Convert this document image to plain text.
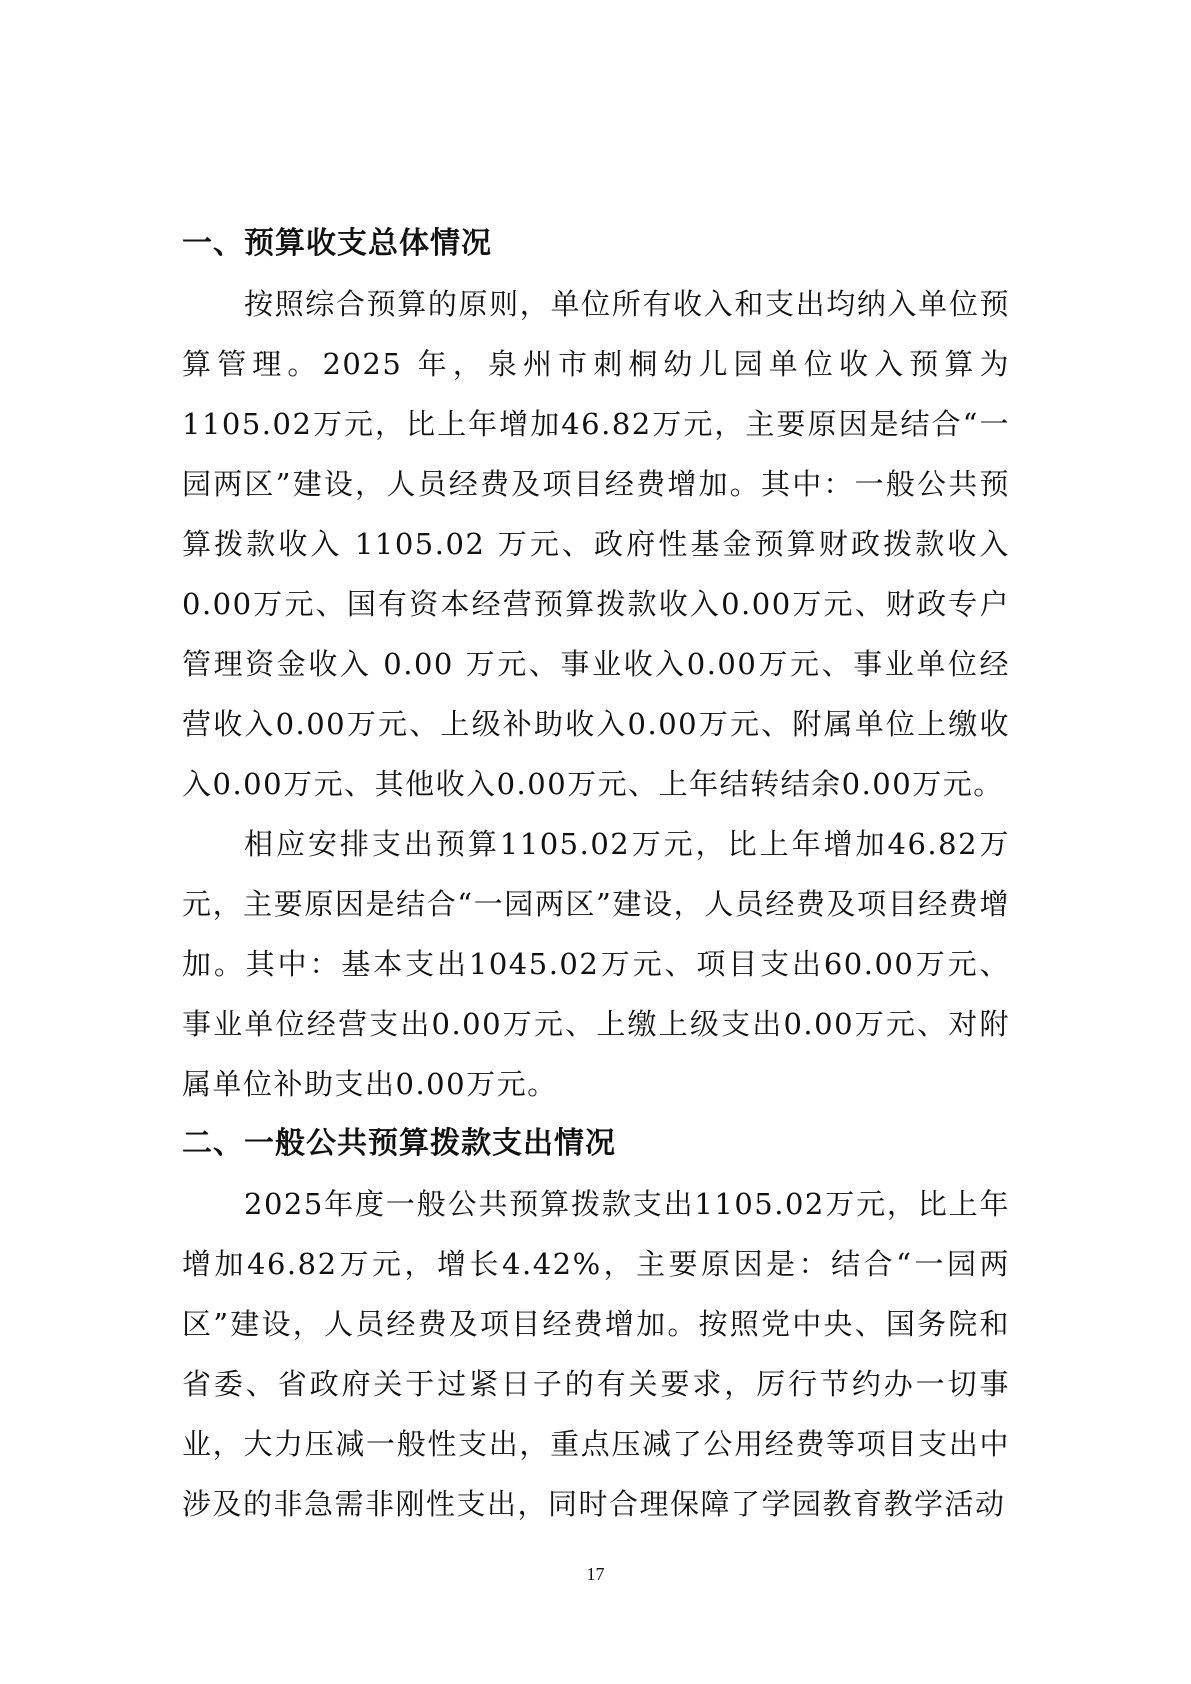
一、预算收支总体情况

按照综合预算的原则，单位所有收入和支出均纳入单位预算管理。2025 年，泉州市刺桐幼儿园单位收入预算为1105.02万元，比上年增加46.82万元，主要原因是结合“一园两区”建设，人员经费及项目经费增加。其中：一般公共预算拨款收入 1105.02 万元、政府性基金预算财政拨款收入0.00万元、国有资本经营预算拨款收入0.00万元、财政专户管理资金收入 0.00 万元、事业收入0.00万元、事业单位经营收入0.00万元、上级补助收入0.00万元、附属单位上缴收入0.00万元、其他收入0.00万元、上年结转结余0.00万元。

相应安排支出预算1105.02万元，比上年增加46.82万元，主要原因是结合“一园两区”建设，人员经费及项目经费增加。其中：基本支出1045.02万元、项目支出60.00万元、事业单位经营支出0.00万元、上缴上级支出0.00万元、对附属单位补助支出0.00万元。

二、一般公共预算拨款支出情况

2025年度一般公共预算拨款支出1105.02万元，比上年增加46.82万元，增长4.42%，主要原因是：结合“一园两区”建设，人员经费及项目经费增加。按照党中央、国务院和省委、省政府关于过紧日子的有关要求，厉行节约办一切事业，大力压减一般性支出，重点压减了公用经费等项目支出中涉及的非急需非刚性支出，同时合理保障了学园教育教学活动

17
